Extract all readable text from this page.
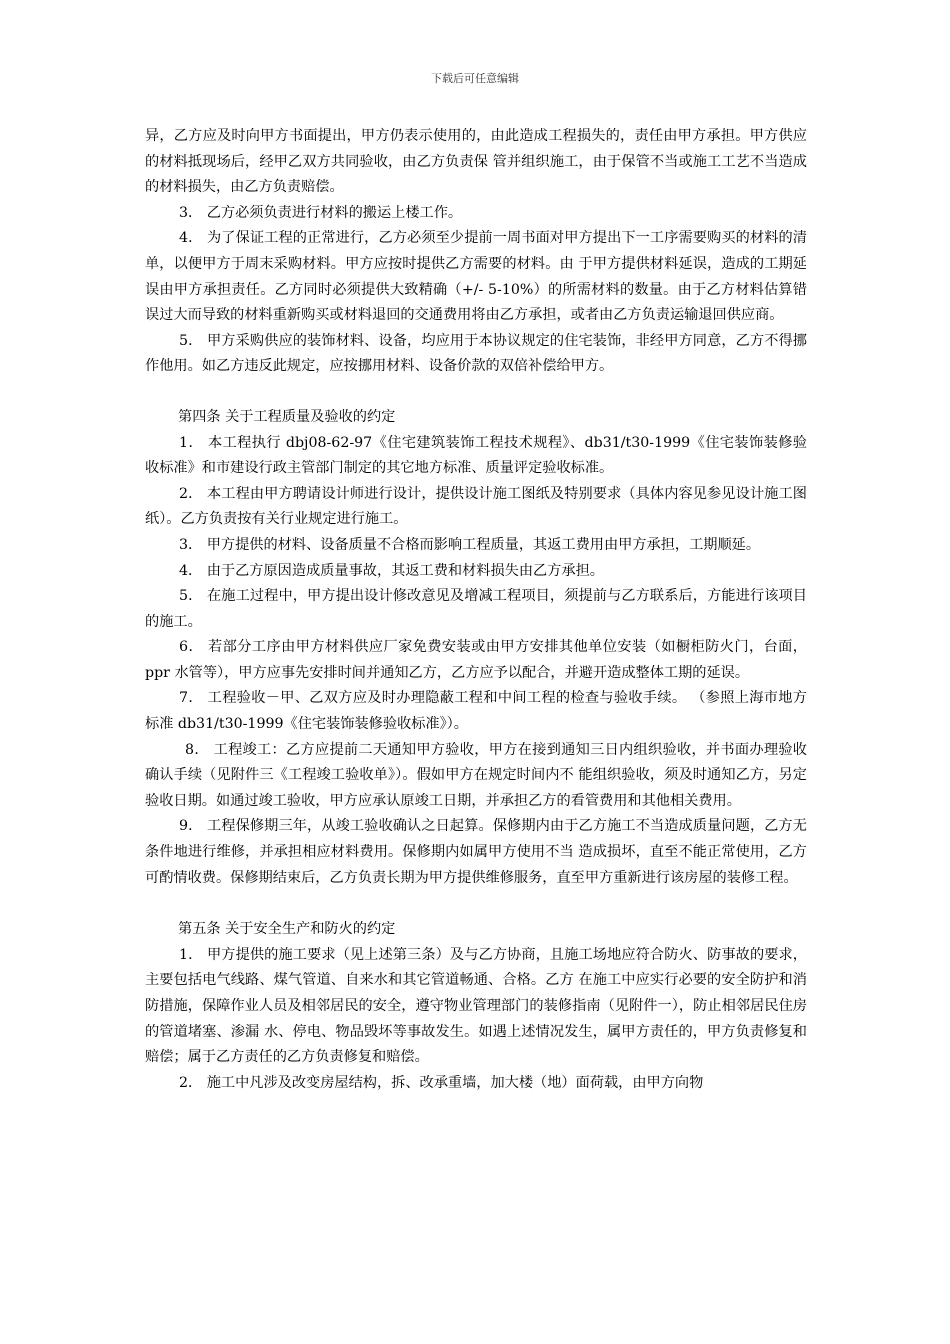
下载后可任意编辑

异，乙方应及时向甲方书面提出，甲方仍表示使用的，由此造成工程损失的，责任由甲方承担。甲方供应的材料抵现场后，经甲乙双方共同验收，由乙方负责保 管并组织施工，由于保管不当或施工工艺不当造成的材料损失，由乙方负责赔偿。

3． 乙方必须负责进行材料的搬运上楼工作。

4． 为了保证工程的正常进行，乙方必须至少提前一周书面对甲方提出下一工序需要购买的材料的清单，以便甲方于周末采购材料。甲方应按时提供乙方需要的材料。由 于甲方提供材料延误，造成的工期延误由甲方承担责任。乙方同时必须提供大致精确（+/- 5-10%）的所需材料的数量。由于乙方材料估算错误过大而导致的材料重新购买或材料退回的交通费用将由乙方承担，或者由乙方负责运输退回供应商。

5． 甲方采购供应的装饰材料、设备，均应用于本协议规定的住宅装饰，非经甲方同意，乙方不得挪作他用。如乙方违反此规定，应按挪用材料、设备价款的双倍补偿给甲方。

第四条 关于工程质量及验收的约定

1． 本工程执行 dbj08-62-97《住宅建筑装饰工程技术规程》、db31/t30-1999《住宅装饰装修验收标准》和市建设行政主管部门制定的其它地方标准、质量评定验收标准。

2． 本工程由甲方聘请设计师进行设计，提供设计施工图纸及特别要求（具体内容见参见设计施工图纸）。乙方负责按有关行业规定进行施工。

3． 甲方提供的材料、设备质量不合格而影响工程质量，其返工费用由甲方承担，工期顺延。

4． 由于乙方原因造成质量事故，其返工费和材料损失由乙方承担。

5． 在施工过程中，甲方提出设计修改意见及增减工程项目，须提前与乙方联系后，方能进行该项目的施工。

6． 若部分工序由甲方材料供应厂家免费安装或由甲方安排其他单位安装（如橱柜防火门，台面，ppr 水管等），甲方应事先安排时间并通知乙方，乙方应予以配合，并避开造成整体工期的延误。

7． 工程验收－甲、乙双方应及时办理隐蔽工程和中间工程的检查与验收手续。 （参照上海市地方标准 db31/t30-1999《住宅装饰装修验收标准》）。

8． 工程竣工：乙方应提前二天通知甲方验收，甲方在接到通知三日内组织验收，并书面办理验收确认手续（见附件三《工程竣工验收单》）。假如甲方在规定时间内不 能组织验收，须及时通知乙方，另定验收日期。如通过竣工验收，甲方应承认原竣工日期，并承担乙方的看管费用和其他相关费用。

9． 工程保修期三年，从竣工验收确认之日起算。保修期内由于乙方施工不当造成质量问题，乙方无条件地进行维修，并承担相应材料费用。保修期内如属甲方使用不当 造成损坏，直至不能正常使用，乙方可酌情收费。保修期结束后，乙方负责长期为甲方提供维修服务，直至甲方重新进行该房屋的装修工程。

第五条 关于安全生产和防火的约定

1． 甲方提供的施工要求（见上述第三条）及与乙方协商，且施工场地应符合防火、防事故的要求，主要包括电气线路、煤气管道、自来水和其它管道畅通、合格。乙方 在施工中应实行必要的安全防护和消防措施，保障作业人员及相邻居民的安全，遵守物业管理部门的装修指南（见附件一），防止相邻居民住房的管道堵塞、渗漏 水、停电、物品毁坏等事故发生。如遇上述情况发生，属甲方责任的，甲方负责修复和赔偿；属于乙方责任的乙方负责修复和赔偿。

2． 施工中凡涉及改变房屋结构，拆、改承重墙，加大楼（地）面荷载，由甲方向物
